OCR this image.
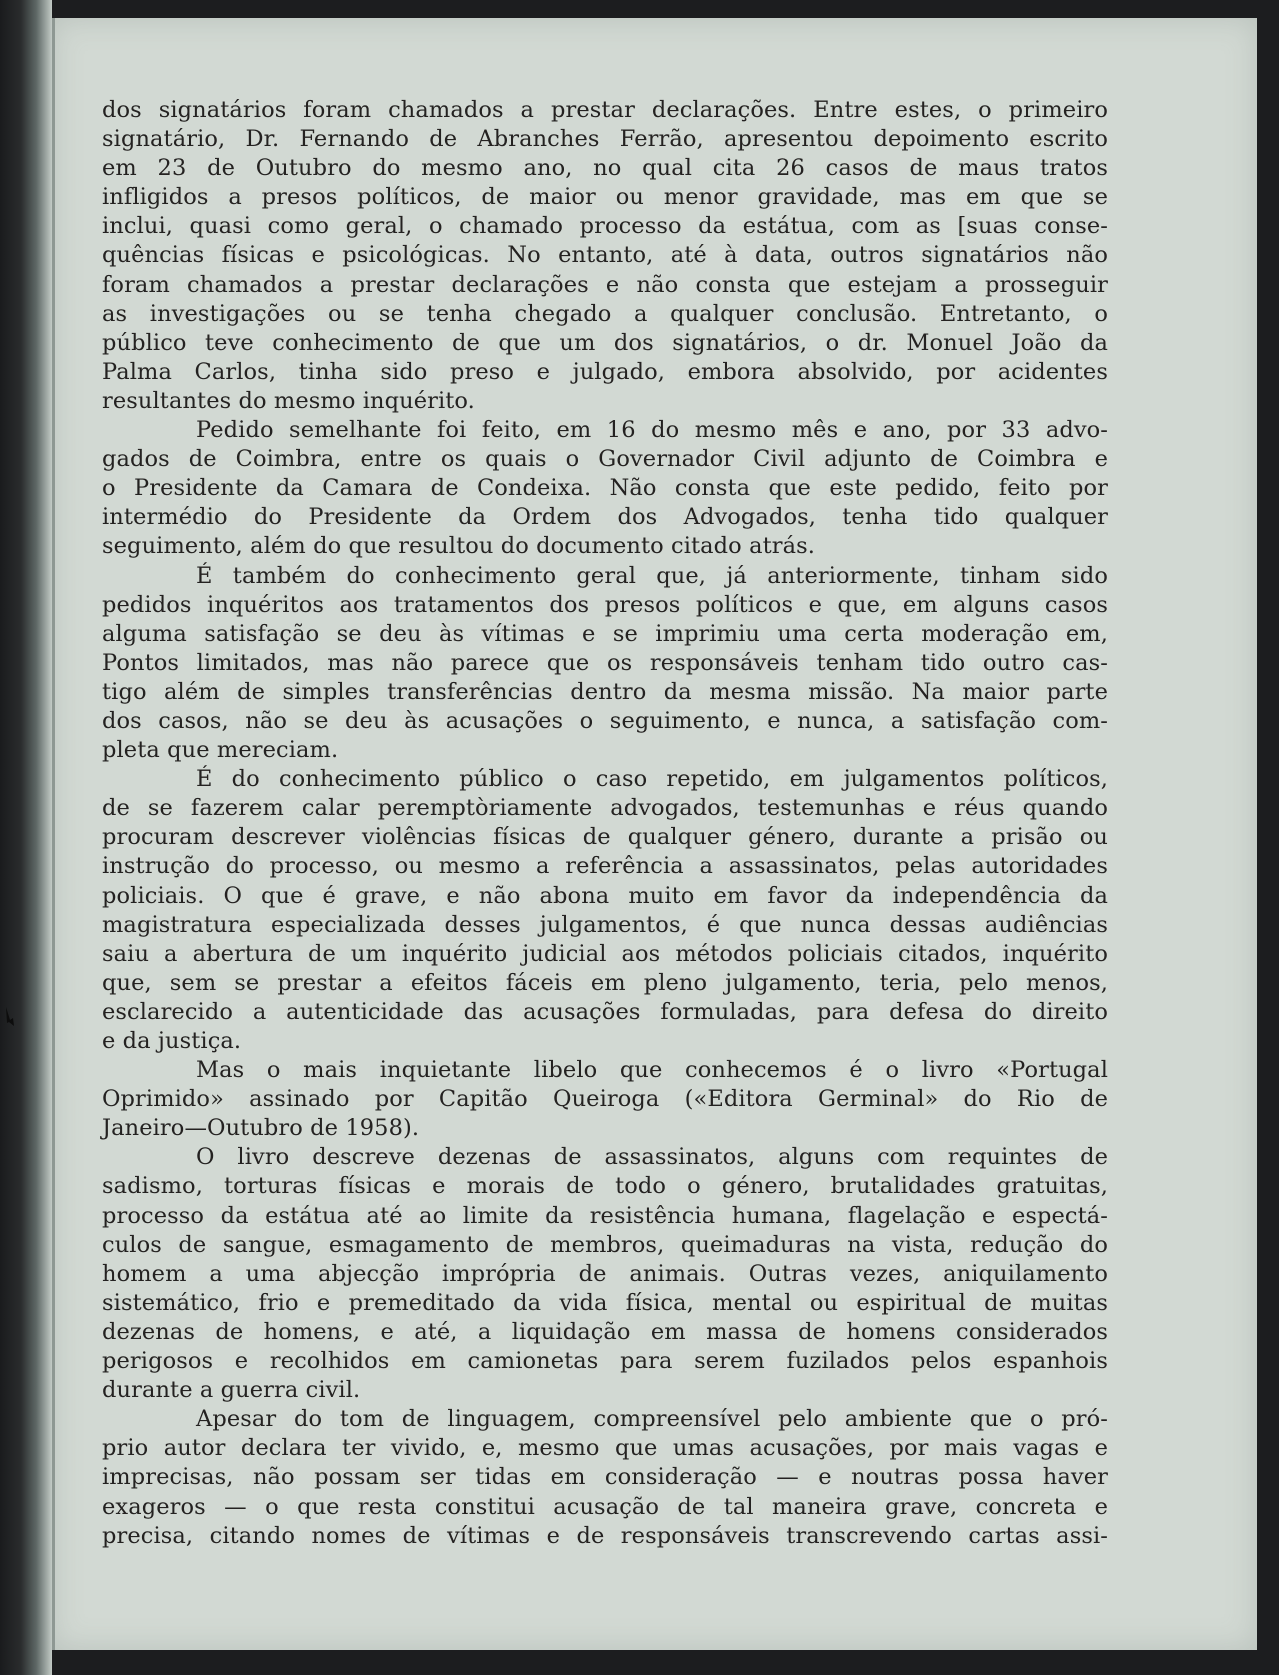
dos signatários foram chamados a prestar declarações. Entre estes, o primeiro
signatário, Dr. Fernando de Abranches Ferrão, apresentou depoimento escrito
em 23 de Outubro do mesmo ano, no qual cita 26 casos de maus tratos
infligidos a presos políticos, de maior ou menor gravidade, mas em que se
inclui, quasi como geral, o chamado processo da estátua, com as [suas conse-
quências físicas e psicológicas. No entanto, até à data, outros signatários não
foram chamados a prestar declarações e não consta que estejam a prosseguir
as investigações ou se tenha chegado a qualquer conclusão. Entretanto, o
público teve conhecimento de que um dos signatários, o dr. Monuel João da
Palma Carlos, tinha sido preso e julgado, embora absolvido, por acidentes
resultantes do mesmo inquérito.
Pedido semelhante foi feito, em 16 do mesmo mês e ano, por 33 advo-
gados de Coimbra, entre os quais o Governador Civil adjunto de Coimbra e
o Presidente da Camara de Condeixa. Não consta que este pedido, feito por
intermédio do Presidente da Ordem dos Advogados, tenha tido qualquer
seguimento, além do que resultou do documento citado atrás.
É também do conhecimento geral que, já anteriormente, tinham sido
pedidos inquéritos aos tratamentos dos presos políticos e que, em alguns casos
alguma satisfação se deu às vítimas e se imprimiu uma certa moderação em,
Pontos limitados, mas não parece que os responsáveis tenham tido outro cas-
tigo além de simples transferências dentro da mesma missão. Na maior parte
dos casos, não se deu às acusações o seguimento, e nunca, a satisfação com-
pleta que mereciam.
É do conhecimento público o caso repetido, em julgamentos políticos,
de se fazerem calar peremptòriamente advogados, testemunhas e réus quando
procuram descrever violências físicas de qualquer género, durante a prisão ou
instrução do processo, ou mesmo a referência a assassinatos, pelas autoridades
policiais. O que é grave, e não abona muito em favor da independência da
magistratura especializada desses julgamentos, é que nunca dessas audiências
saiu a abertura de um inquérito judicial aos métodos policiais citados, inquérito
que, sem se prestar a efeitos fáceis em pleno julgamento, teria, pelo menos,
esclarecido a autenticidade das acusações formuladas, para defesa do direito
e da justiça.
Mas o mais inquietante libelo que conhecemos é o livro «Portugal
Oprimido» assinado por Capitão Queiroga («Editora Germinal» do Rio de
Janeiro—Outubro de 1958).
O livro descreve dezenas de assassinatos, alguns com requintes de
sadismo, torturas físicas e morais de todo o género, brutalidades gratuitas,
processo da estátua até ao limite da resistência humana, flagelação e espectá-
culos de sangue, esmagamento de membros, queimaduras na vista, redução do
homem a uma abjecção imprópria de animais. Outras vezes, aniquilamento
sistemático, frio e premeditado da vida física, mental ou espiritual de muitas
dezenas de homens, e até, a liquidação em massa de homens considerados
perigosos e recolhidos em camionetas para serem fuzilados pelos espanhois
durante a guerra civil.
Apesar do tom de linguagem, compreensível pelo ambiente que o pró-
prio autor declara ter vivido, e, mesmo que umas acusações, por mais vagas e
imprecisas, não possam ser tidas em consideração — e noutras possa haver
exageros — o que resta constitui acusação de tal maneira grave, concreta e
precisa, citando nomes de vítimas e de responsáveis transcrevendo cartas assi-
